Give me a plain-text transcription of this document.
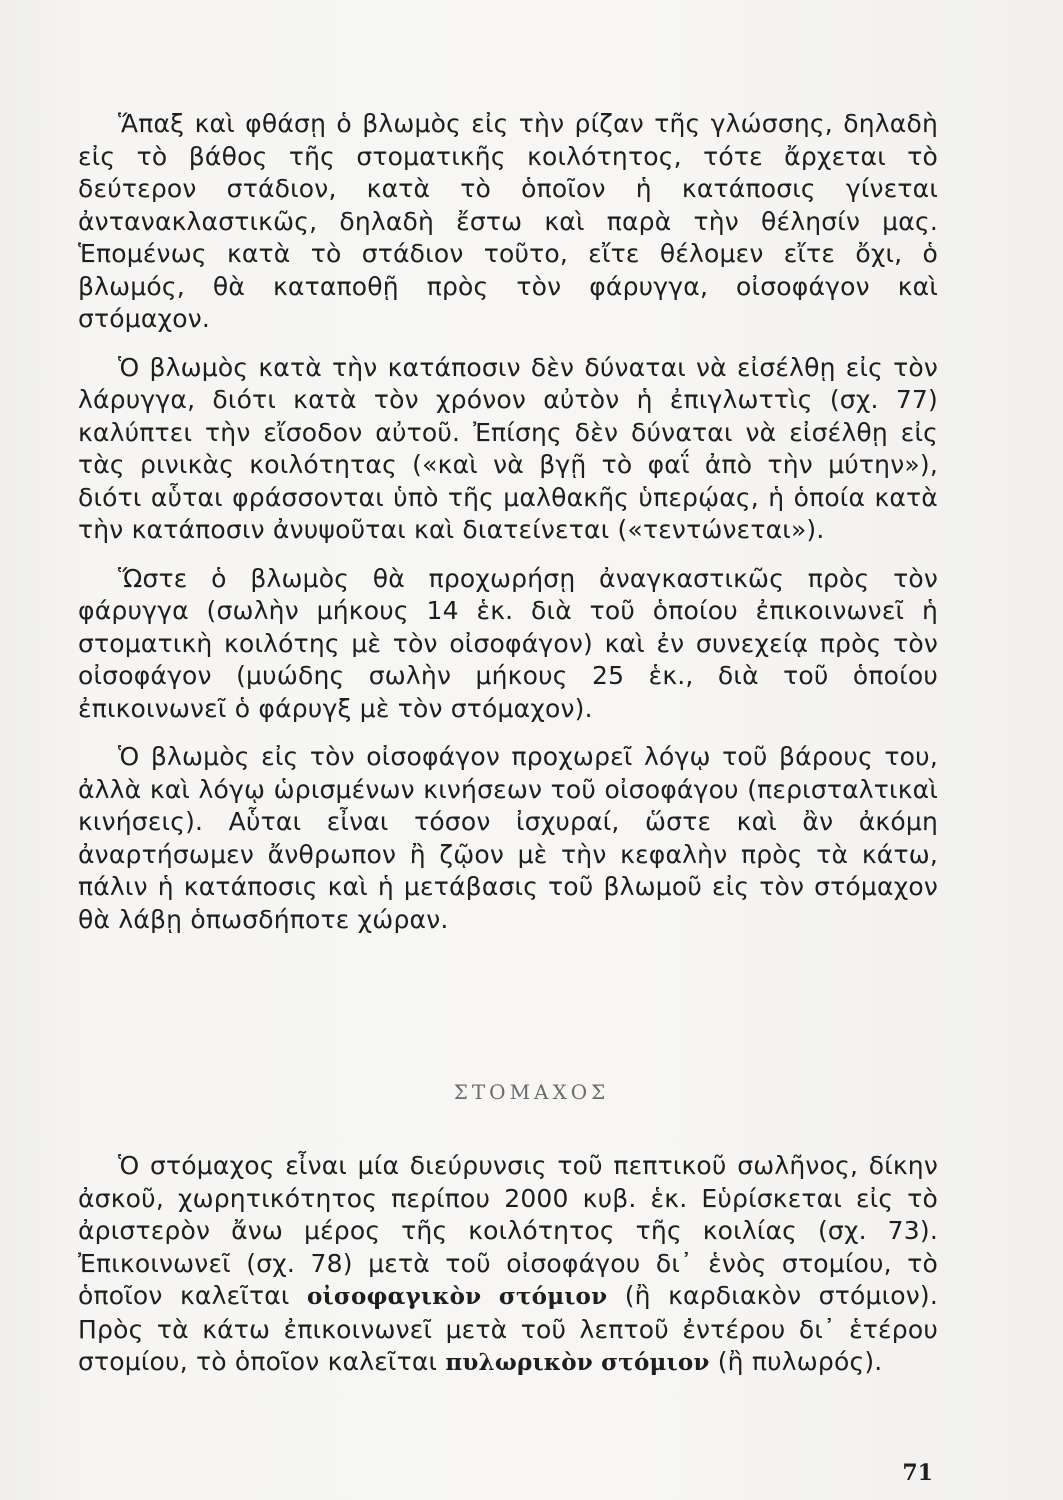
Ἅπαξ καὶ φθάσῃ ὁ βλωμὸς εἰς τὴν ρίζαν τῆς γλώσσης, δηλαδὴ εἰς τὸ βάθος τῆς στοματικῆς κοιλότητος, τότε ἄρχεται τὸ δεύτερον στάδιον, κατὰ τὸ ὁποῖον ἡ κατάποσις γίνεται ἀντανακλαστικῶς, δηλαδὴ ἔστω καὶ παρὰ τὴν θέλησίν μας. Ἑπομένως κατὰ τὸ στάδιον τοῦτο, εἴτε θέλομεν εἴτε ὄχι, ὁ βλωμός, θὰ καταποθῇ πρὸς τὸν φάρυγγα, οἰσοφάγον καὶ στόμαχον.

Ὁ βλωμὸς κατὰ τὴν κατάποσιν δὲν δύναται νὰ εἰσέλθῃ εἰς τὸν λάρυγγα, διότι κατὰ τὸν χρόνον αὐτὸν ἡ ἐπιγλωττὶς (σχ. 77) καλύπτει τὴν εἴσοδον αὐτοῦ. Ἐπίσης δὲν δύναται νὰ εἰσέλθῃ εἰς τὰς ρινικὰς κοιλότητας («καὶ νὰ βγῇ τὸ φαΐ ἀπὸ τὴν μύτην»), διότι αὗται φράσσονται ὑπὸ τῆς μαλθακῆς ὑπερῴας, ἡ ὁποία κατὰ τὴν κατάποσιν ἀνυψοῦται καὶ διατείνεται («τεντώνεται»).

Ὥστε ὁ βλωμὸς θὰ προχωρήσῃ ἀναγκαστικῶς πρὸς τὸν φάρυγγα (σωλὴν μήκους 14 ἑκ. διὰ τοῦ ὁποίου ἐπικοινωνεῖ ἡ στοματικὴ κοιλότης μὲ τὸν οἰσοφάγον) καὶ ἐν συνεχείᾳ πρὸς τὸν οἰσοφάγον (μυώδης σωλὴν μήκους 25 ἑκ., διὰ τοῦ ὁποίου ἐπικοινωνεῖ ὁ φάρυγξ μὲ τὸν στόμαχον).

Ὁ βλωμὸς εἰς τὸν οἰσοφάγον προχωρεῖ λόγῳ τοῦ βάρους του, ἀλλὰ καὶ λόγῳ ὡρισμένων κινήσεων τοῦ οἰσοφάγου (περισταλτικαὶ κινήσεις). Αὗται εἶναι τόσον ἰσχυραί, ὥστε καὶ ἂν ἀκόμη ἀναρτήσωμεν ἄνθρωπον ἢ ζῷον μὲ τὴν κεφαλὴν πρὸς τὰ κάτω, πάλιν ἡ κατάποσις καὶ ἡ μετάβασις τοῦ βλωμοῦ εἰς τὸν στόμαχον θὰ λάβῃ ὁπωσδήποτε χώραν.

ΣΤΟΜΑΧΟΣ

Ὁ στόμαχος εἶναι μία διεύρυνσις τοῦ πεπτικοῦ σωλῆνος, δίκην ἀσκοῦ, χωρητικότητος περίπου 2000 κυβ. ἑκ. Εὑρίσκεται εἰς τὸ ἀριστερὸν ἄνω μέρος τῆς κοιλότητος τῆς κοιλίας (σχ. 73). Ἐπικοινωνεῖ (σχ. 78) μετὰ τοῦ οἰσοφάγου δι᾿ ἑνὸς στομίου, τὸ ὁποῖον καλεῖται οἰσοφαγικὸν στόμιον (ἢ καρδιακὸν στόμιον). Πρὸς τὰ κάτω ἐπικοινωνεῖ μετὰ τοῦ λεπτοῦ ἐντέρου δι᾿ ἑτέρου στομίου, τὸ ὁποῖον καλεῖται πυλωρικὸν στόμιον (ἢ πυλωρός).

71
